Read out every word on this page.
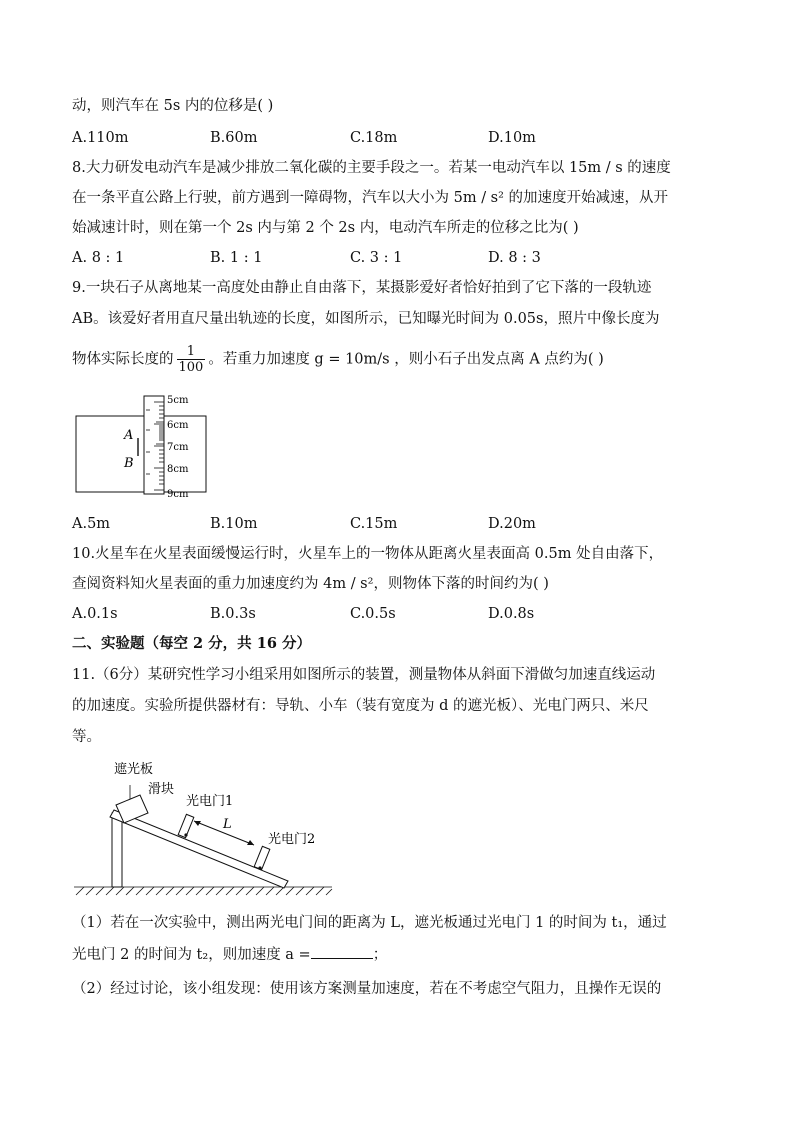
动，则汽车在 5s 内的位移是( )
A.110m	B.60m	C.18m	D.10m
8.大力研发电动汽车是减少排放二氧化碳的主要手段之一。若某一电动汽车以 15m / s 的速度
在一条平直公路上行驶，前方遇到一障碍物，汽车以大小为 5m / s² 的加速度开始减速，从开
始减速计时，则在第一个 2s 内与第 2 个 2s 内，电动汽车所走的位移之比为( )
A. 8 : 1	B. 1 : 1	C. 3 : 1	D. 8 : 3
9.一块石子从离地某一高度处由静止自由落下，某摄影爱好者恰好拍到了它下落的一段轨迹
AB。该爱好者用直尺量出轨迹的长度，如图所示，已知曝光时间为 0.05s，照片中像长度为
物体实际长度的 $\frac{1}{100}$ 。若重力加速度 g = 10m/s ，则小石子出发点离 A 点约为( )
A
B
5cm
6cm
7cm
8cm
9cm
A.5m	B.10m	C.15m	D.20m
10.火星车在火星表面缓慢运行时，火星车上的一物体从距离火星表面高 0.5m 处自由落下，
查阅资料知火星表面的重力加速度约为 4m / s²，则物体下落的时间约为( )
A.0.1s	B.0.3s	C.0.5s	D.0.8s
二、实验题（每空 2 分，共 16 分）
11.（6分）某研究性学习小组采用如图所示的装置，测量物体从斜面下滑做匀加速直线运动
的加速度。实验所提供器材有：导轨、小车（装有宽度为 d 的遮光板）、光电门两只、米尺
等。
遮光板
滑块
光电门1
光电门2
L
（1）若在一次实验中，测出两光电门间的距离为 L，遮光板通过光电门 1 的时间为 t₁，通过
光电门 2 的时间为 t₂，则加速度 a =	；
（2）经过讨论，该小组发现：使用该方案测量加速度，若在不考虑空气阻力，且操作无误的
